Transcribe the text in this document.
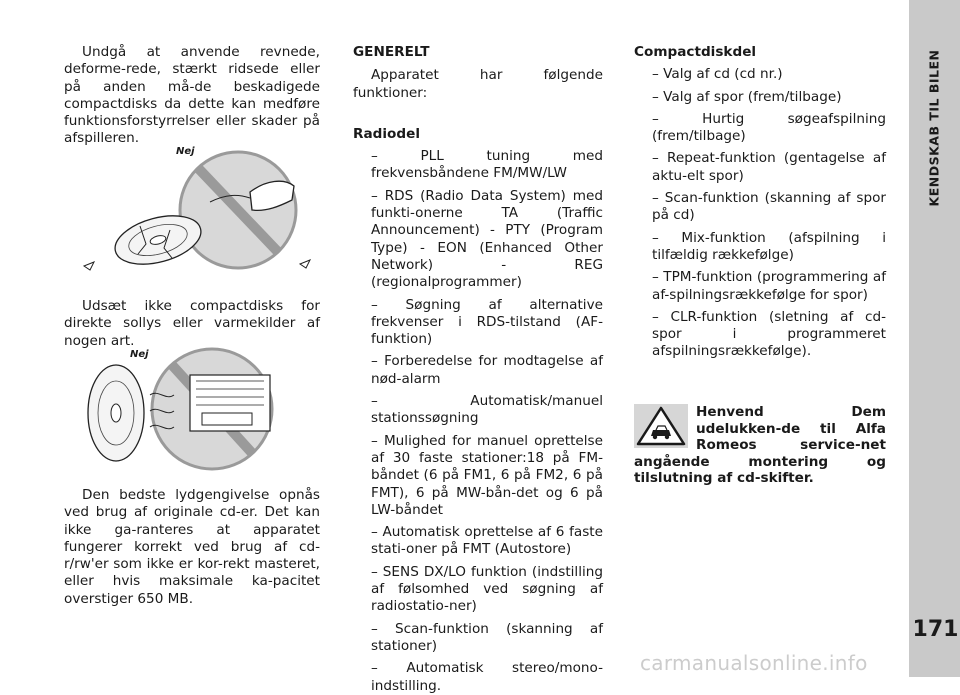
Undgå at anvende revnede, deforme-rede, stærkt ridsede eller på anden må-de beskadigede compactdisks da dette kan medføre funktionsforstyrrelser eller skader på afspilleren.

Nej

Udsæt ikke compactdisks for direkte sollys eller varmekilder af nogen art.

Nej

Den bedste lydgengivelse opnås ved brug af originale cd-er. Det kan ikke ga-ranteres at apparatet fungerer korrekt ved brug af cd-r/rw'er som ikke er kor-rekt masteret, eller hvis maksimale ka-pacitet overstiger 650 MB.

GENERELT

Apparatet har følgende funktioner:

Radiodel

– PLL tuning med frekvensbåndene FM/MW/LW

– RDS (Radio Data System) med funkti-onerne TA (Traffic Announcement) - PTY (Program Type) - EON (Enhanced Other Network) - REG (regionalprogrammer)

– Søgning af alternative frekvenser i RDS-tilstand (AF-funktion)

– Forberedelse for modtagelse af nød-alarm

– Automatisk/manuel stationssøgning

– Mulighed for manuel oprettelse af 30 faste stationer:18 på FM-båndet (6 på FM1, 6 på FM2, 6 på FMT), 6 på MW-bån-det og 6 på LW-båndet

– Automatisk oprettelse af 6 faste stati-oner på FMT (Autostore)

– SENS DX/LO funktion (indstilling af følsomhed ved søgning af radiostatio-ner)

– Scan-funktion (skanning af stationer)

– Automatisk stereo/mono-indstilling.

Compactdiskdel

– Valg af cd (cd nr.)

– Valg af spor (frem/tilbage)

– Hurtig søgeafspilning (frem/tilbage)

– Repeat-funktion (gentagelse af aktu-elt spor)

– Scan-funktion (skanning af spor på cd)

– Mix-funktion (afspilning i tilfældig rækkefølge)

– TPM-funktion (programmering af af-spilningsrækkefølge for spor)

– CLR-funktion (sletning af cd-spor i programmeret afspilningsrækkefølge).

Henvend Dem udelukken-de til Alfa Romeos service-net angående montering og tilslutning af cd-skifter.
KENDSKAB TIL BILEN
171
carmanualsonline.info
